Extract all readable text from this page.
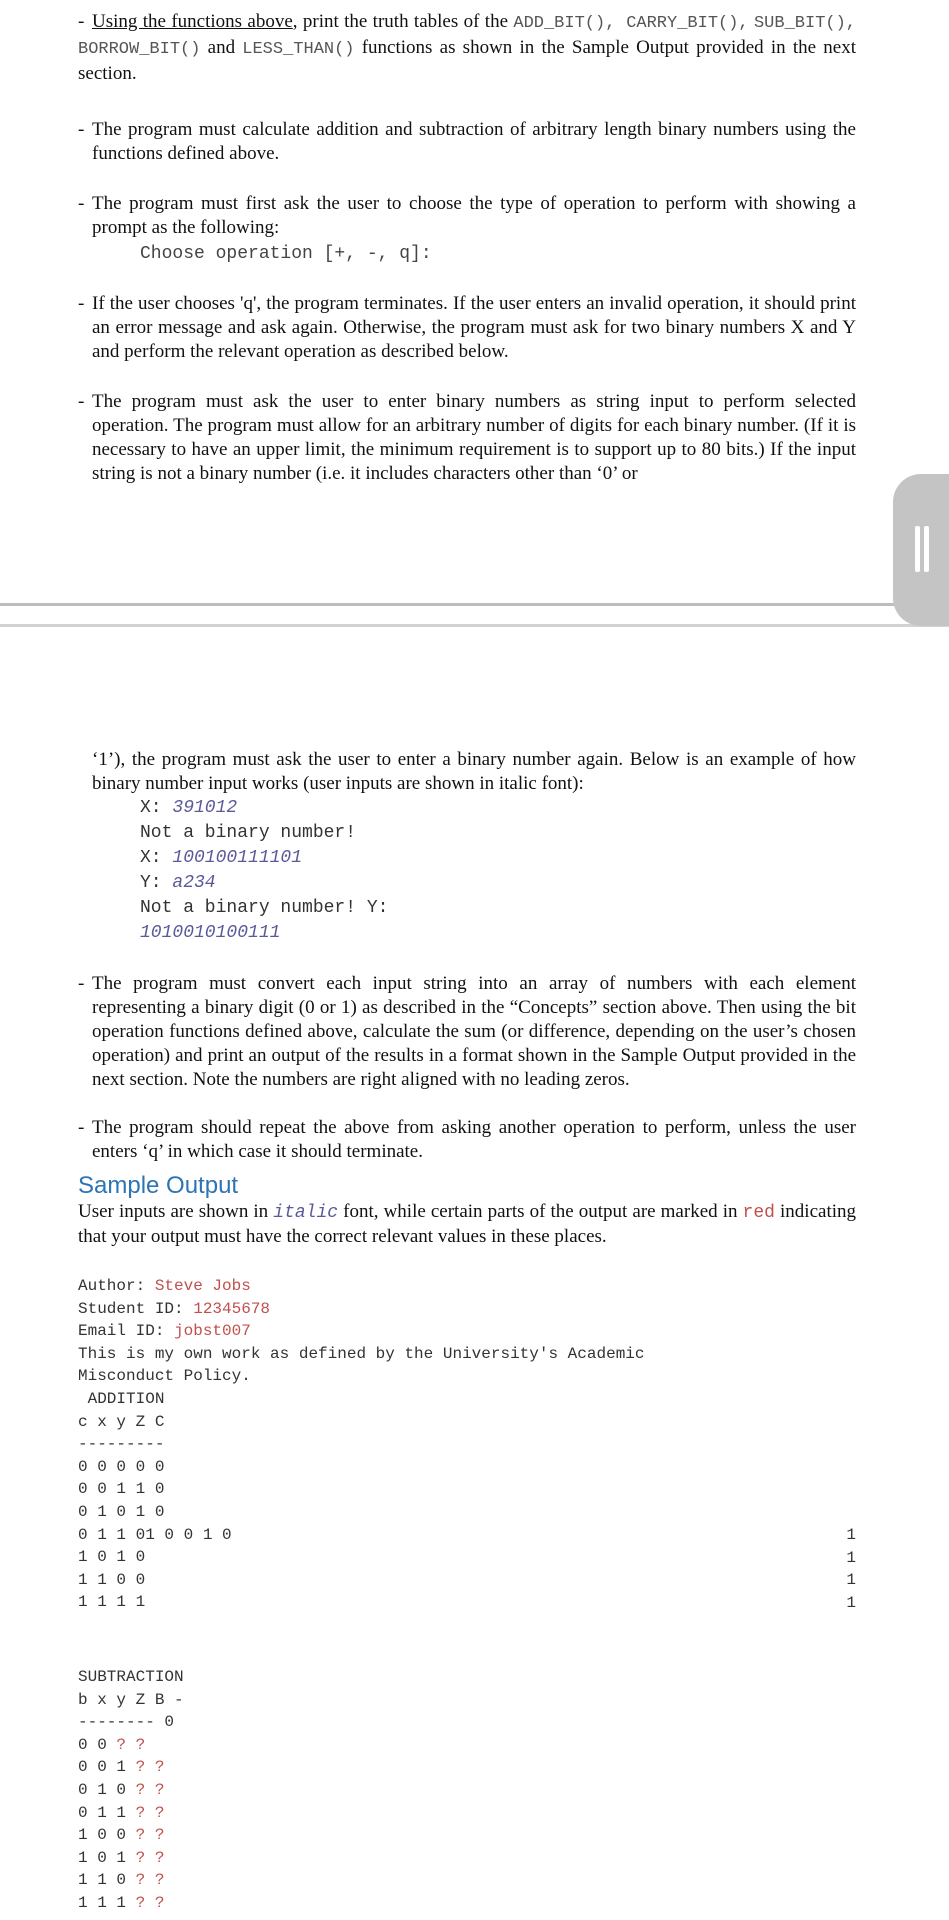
- Using the functions above, print the truth tables of the ADD_BIT(), CARRY_BIT(), SUB_BIT(), BORROW_BIT() and LESS_THAN() functions as shown in the Sample Output provided in the next section.
- The program must calculate addition and subtraction of arbitrary length binary numbers using the functions defined above.
- The program must first ask the user to choose the type of operation to perform with showing a prompt as the following:
Choose operation [+, -, q]:
- If the user chooses 'q', the program terminates. If the user enters an invalid operation, it should print an error message and ask again. Otherwise, the program must ask for two binary numbers X and Y and perform the relevant operation as described below.
- The program must ask the user to enter binary numbers as string input to perform selected operation. The program must allow for an arbitrary number of digits for each binary number. (If it is necessary to have an upper limit, the minimum requirement is to support up to 80 bits.) If the input string is not a binary number (i.e. it includes characters other than ‘0’ or
‘1’), the program must ask the user to enter a binary number again. Below is an example of how binary number input works (user inputs are shown in italic font):
X: 391012
Not a binary number!
X: 100100111101
Y: a234
Not a binary number! Y:
1010010100111
- The program must convert each input string into an array of numbers with each element representing a binary digit (0 or 1) as described in the “Concepts” section above. Then using the bit operation functions defined above, calculate the sum (or difference, depending on the user’s chosen operation) and print an output of the results in a format shown in the Sample Output provided in the next section. Note the numbers are right aligned with no leading zeros.
- The program should repeat the above from asking another operation to perform, unless the user enters ‘q’ in which case it should terminate.
Sample Output
User inputs are shown in italic font, while certain parts of the output are marked in red indicating that your output must have the correct relevant values in these places.
Author: Steve Jobs
Student ID: 12345678
Email ID: jobst007
This is my own work as defined by the University's Academic
Misconduct Policy.
ADDITION
c x y Z C
---------
0 0 0 0 0
0 0 1 1 0
0 1 0 1 0
0 1 1 01 0 0 1 0
1 0 1 0
1 1 0 0
1 1 1 1
1
1
1
1
SUBTRACTION
b x y Z B -
-------- 0
0 0 ? ?
0 0 1 ? ?
0 1 0 ? ?
0 1 1 ? ?
1 0 0 ? ?
1 0 1 ? ?
1 1 0 ? ?
1 1 1 ? ?
